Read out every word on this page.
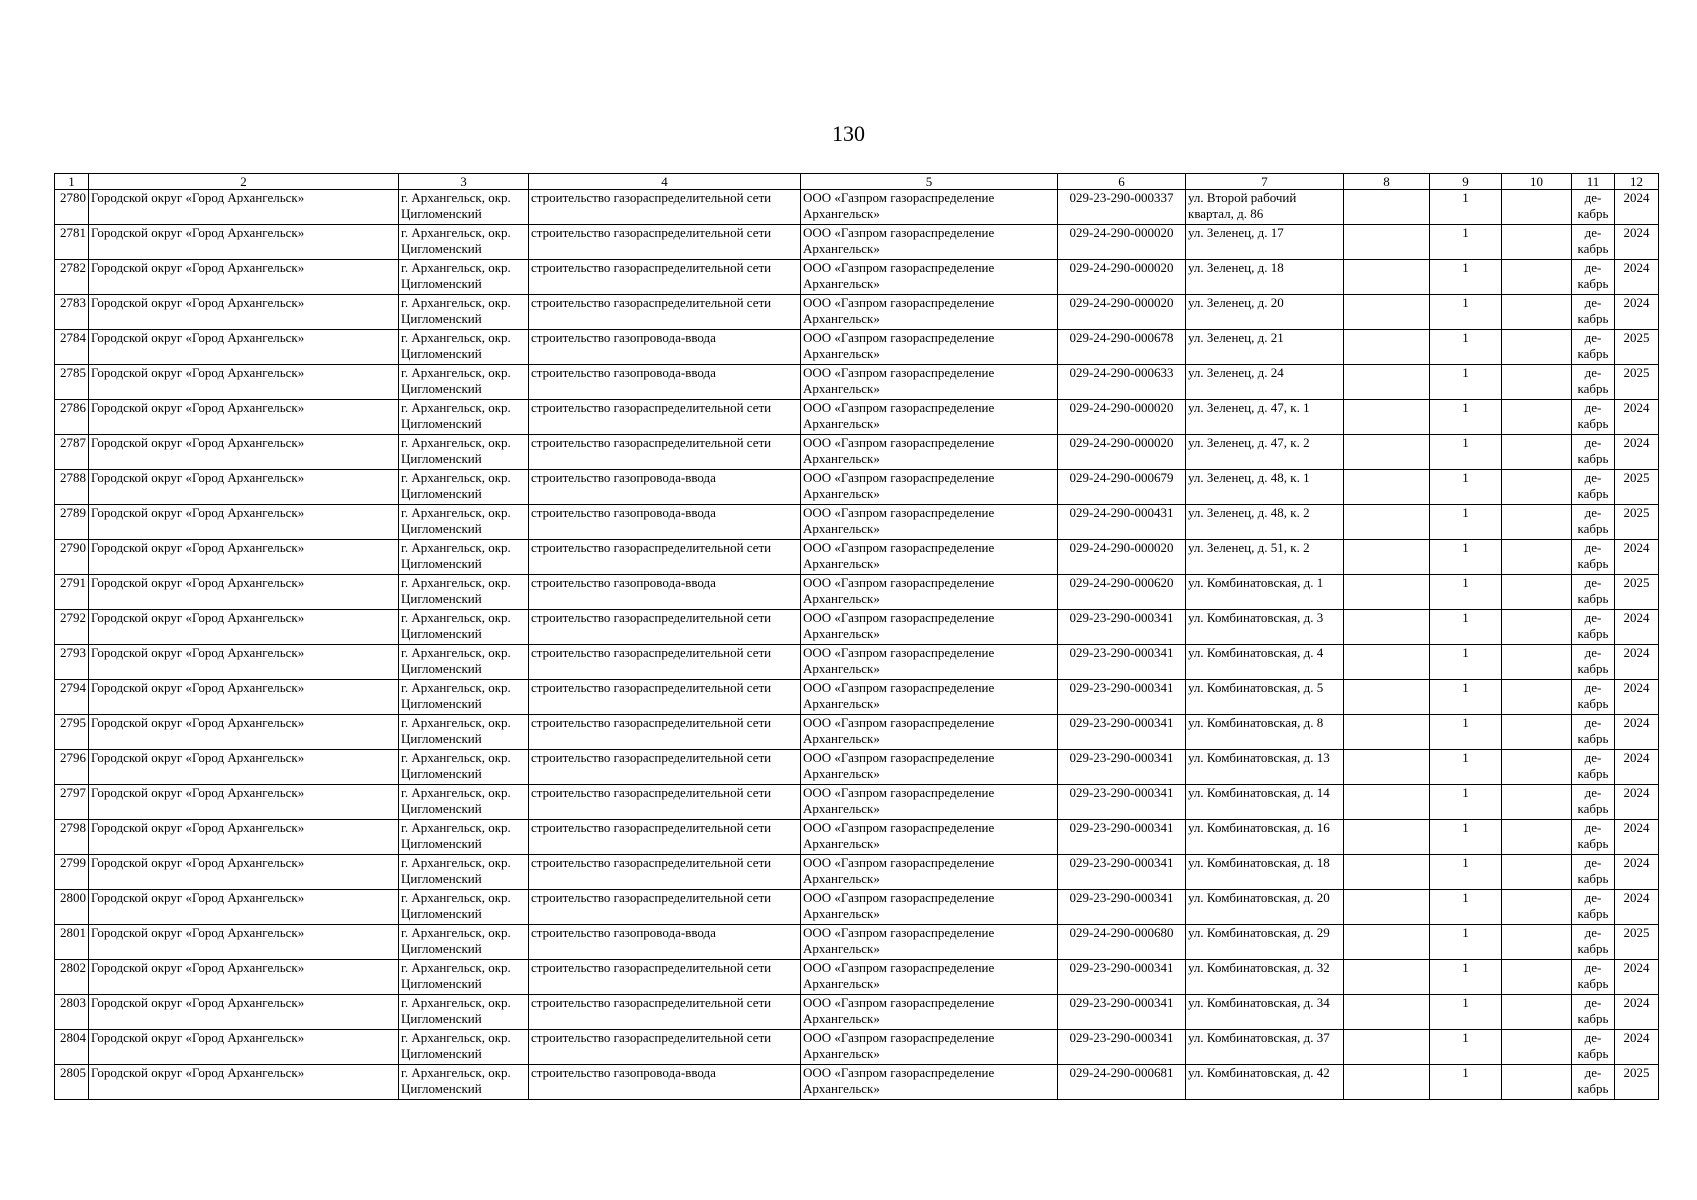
130
1	2	3	4	5	6	7	8	9	10	11	12
2780	Городской округ «Город Архангельск»	г. Архангельск, окр. Цигломенский	строительство газораспределительной сети	ООО «Газпром газораспределение Архангельск»	029-23-290-000337	ул. Второй рабочий квартал, д. 86		1		де-кабрь	2024
2781	Городской округ «Город Архангельск»	г. Архангельск, окр. Цигломенский	строительство газораспределительной сети	ООО «Газпром газораспределение Архангельск»	029-24-290-000020	ул. Зеленец, д. 17		1		де-кабрь	2024
2782	Городской округ «Город Архангельск»	г. Архангельск, окр. Цигломенский	строительство газораспределительной сети	ООО «Газпром газораспределение Архангельск»	029-24-290-000020	ул. Зеленец, д. 18		1		де-кабрь	2024
2783	Городской округ «Город Архангельск»	г. Архангельск, окр. Цигломенский	строительство газораспределительной сети	ООО «Газпром газораспределение Архангельск»	029-24-290-000020	ул. Зеленец, д. 20		1		де-кабрь	2024
2784	Городской округ «Город Архангельск»	г. Архангельск, окр. Цигломенский	строительство газопровода-ввода	ООО «Газпром газораспределение Архангельск»	029-24-290-000678	ул. Зеленец, д. 21		1		де-кабрь	2025
2785	Городской округ «Город Архангельск»	г. Архангельск, окр. Цигломенский	строительство газопровода-ввода	ООО «Газпром газораспределение Архангельск»	029-24-290-000633	ул. Зеленец, д. 24		1		де-кабрь	2025
2786	Городской округ «Город Архангельск»	г. Архангельск, окр. Цигломенский	строительство газораспределительной сети	ООО «Газпром газораспределение Архангельск»	029-24-290-000020	ул. Зеленец, д. 47, к. 1		1		де-кабрь	2024
2787	Городской округ «Город Архангельск»	г. Архангельск, окр. Цигломенский	строительство газораспределительной сети	ООО «Газпром газораспределение Архангельск»	029-24-290-000020	ул. Зеленец, д. 47, к. 2		1		де-кабрь	2024
2788	Городской округ «Город Архангельск»	г. Архангельск, окр. Цигломенский	строительство газопровода-ввода	ООО «Газпром газораспределение Архангельск»	029-24-290-000679	ул. Зеленец, д. 48, к. 1		1		де-кабрь	2025
2789	Городской округ «Город Архангельск»	г. Архангельск, окр. Цигломенский	строительство газопровода-ввода	ООО «Газпром газораспределение Архангельск»	029-24-290-000431	ул. Зеленец, д. 48, к. 2		1		де-кабрь	2025
2790	Городской округ «Город Архангельск»	г. Архангельск, окр. Цигломенский	строительство газораспределительной сети	ООО «Газпром газораспределение Архангельск»	029-24-290-000020	ул. Зеленец, д. 51, к. 2		1		де-кабрь	2024
2791	Городской округ «Город Архангельск»	г. Архангельск, окр. Цигломенский	строительство газопровода-ввода	ООО «Газпром газораспределение Архангельск»	029-24-290-000620	ул. Комбинатовская, д. 1		1		де-кабрь	2025
2792	Городской округ «Город Архангельск»	г. Архангельск, окр. Цигломенский	строительство газораспределительной сети	ООО «Газпром газораспределение Архангельск»	029-23-290-000341	ул. Комбинатовская, д. 3		1		де-кабрь	2024
2793	Городской округ «Город Архангельск»	г. Архангельск, окр. Цигломенский	строительство газораспределительной сети	ООО «Газпром газораспределение Архангельск»	029-23-290-000341	ул. Комбинатовская, д. 4		1		де-кабрь	2024
2794	Городской округ «Город Архангельск»	г. Архангельск, окр. Цигломенский	строительство газораспределительной сети	ООО «Газпром газораспределение Архангельск»	029-23-290-000341	ул. Комбинатовская, д. 5		1		де-кабрь	2024
2795	Городской округ «Город Архангельск»	г. Архангельск, окр. Цигломенский	строительство газораспределительной сети	ООО «Газпром газораспределение Архангельск»	029-23-290-000341	ул. Комбинатовская, д. 8		1		де-кабрь	2024
2796	Городской округ «Город Архангельск»	г. Архангельск, окр. Цигломенский	строительство газораспределительной сети	ООО «Газпром газораспределение Архангельск»	029-23-290-000341	ул. Комбинатовская, д. 13		1		де-кабрь	2024
2797	Городской округ «Город Архангельск»	г. Архангельск, окр. Цигломенский	строительство газораспределительной сети	ООО «Газпром газораспределение Архангельск»	029-23-290-000341	ул. Комбинатовская, д. 14		1		де-кабрь	2024
2798	Городской округ «Город Архангельск»	г. Архангельск, окр. Цигломенский	строительство газораспределительной сети	ООО «Газпром газораспределение Архангельск»	029-23-290-000341	ул. Комбинатовская, д. 16		1		де-кабрь	2024
2799	Городской округ «Город Архангельск»	г. Архангельск, окр. Цигломенский	строительство газораспределительной сети	ООО «Газпром газораспределение Архангельск»	029-23-290-000341	ул. Комбинатовская, д. 18		1		де-кабрь	2024
2800	Городской округ «Город Архангельск»	г. Архангельск, окр. Цигломенский	строительство газораспределительной сети	ООО «Газпром газораспределение Архангельск»	029-23-290-000341	ул. Комбинатовская, д. 20		1		де-кабрь	2024
2801	Городской округ «Город Архангельск»	г. Архангельск, окр. Цигломенский	строительство газопровода-ввода	ООО «Газпром газораспределение Архангельск»	029-24-290-000680	ул. Комбинатовская, д. 29		1		де-кабрь	2025
2802	Городской округ «Город Архангельск»	г. Архангельск, окр. Цигломенский	строительство газораспределительной сети	ООО «Газпром газораспределение Архангельск»	029-23-290-000341	ул. Комбинатовская, д. 32		1		де-кабрь	2024
2803	Городской округ «Город Архангельск»	г. Архангельск, окр. Цигломенский	строительство газораспределительной сети	ООО «Газпром газораспределение Архангельск»	029-23-290-000341	ул. Комбинатовская, д. 34		1		де-кабрь	2024
2804	Городской округ «Город Архангельск»	г. Архангельск, окр. Цигломенский	строительство газораспределительной сети	ООО «Газпром газораспределение Архангельск»	029-23-290-000341	ул. Комбинатовская, д. 37		1		де-кабрь	2024
2805	Городской округ «Город Архангельск»	г. Архангельск, окр. Цигломенский	строительство газопровода-ввода	ООО «Газпром газораспределение Архангельск»	029-24-290-000681	ул. Комбинатовская, д. 42		1		де-кабрь	2025
